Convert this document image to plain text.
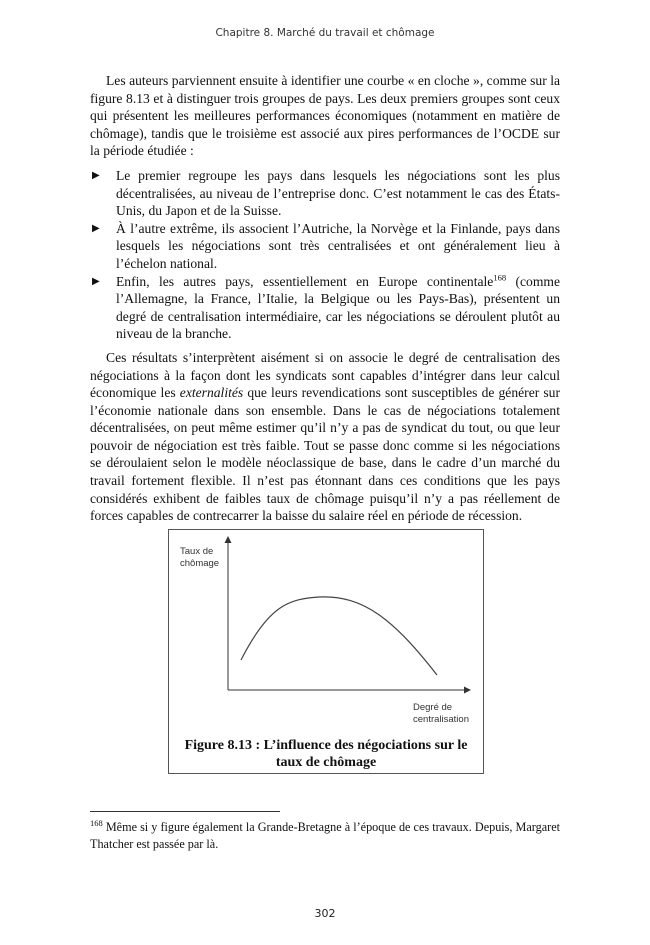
Chapitre 8. Marché du travail et chômage

Les auteurs parviennent ensuite à identifier une courbe « en cloche », comme sur la figure 8.13 et à distinguer trois groupes de pays. Les deux premiers groupes sont ceux qui présentent les meilleures performances économiques (notamment en matière de chômage), tandis que le troisième est associé aux pires performances de l’OCDE sur la période étudiée :

▶ Le premier regroupe les pays dans lesquels les négociations sont les plus décentralisées, au niveau de l’entreprise donc. C’est notamment le cas des États-Unis, du Japon et de la Suisse.
▶ À l’autre extrême, ils associent l’Autriche, la Norvège et la Finlande, pays dans lesquels les négociations sont très centralisées et ont généralement lieu à l’échelon national.
▶ Enfin, les autres pays, essentiellement en Europe continentale$^{168}$ (comme l’Allemagne, la France, l’Italie, la Belgique ou les Pays-Bas), présentent un degré de centralisation intermédiaire, car les négociations se déroulent plutôt au niveau de la branche.

Ces résultats s’interprètent aisément si on associe le degré de centralisation des négociations à la façon dont les syndicats sont capables d’intégrer dans leur calcul économique les externalités que leurs revendications sont susceptibles de générer sur l’économie nationale dans son ensemble. Dans le cas de négociations totalement décentralisées, on peut même estimer qu’il n’y a pas de syndicat du tout, ou que leur pouvoir de négociation est très faible. Tout se passe donc comme si les négociations se déroulaient selon le modèle néoclassique de base, dans le cadre d’un marché du travail fortement flexible. Il n’est pas étonnant dans ces conditions que les pays considérés exhibent de faibles taux de chômage puisqu’il n’y a pas réellement de forces capables de contrecarrer la baisse du salaire réel en période de récession.

Taux de
chômage
Degré de
centralisation
Figure 8.13 : L’influence des négociations sur le
taux de chômage
$^{168}$ Même si y figure également la Grande-Bretagne à l’époque de ces travaux. Depuis, Margaret Thatcher est passée par là.
302
